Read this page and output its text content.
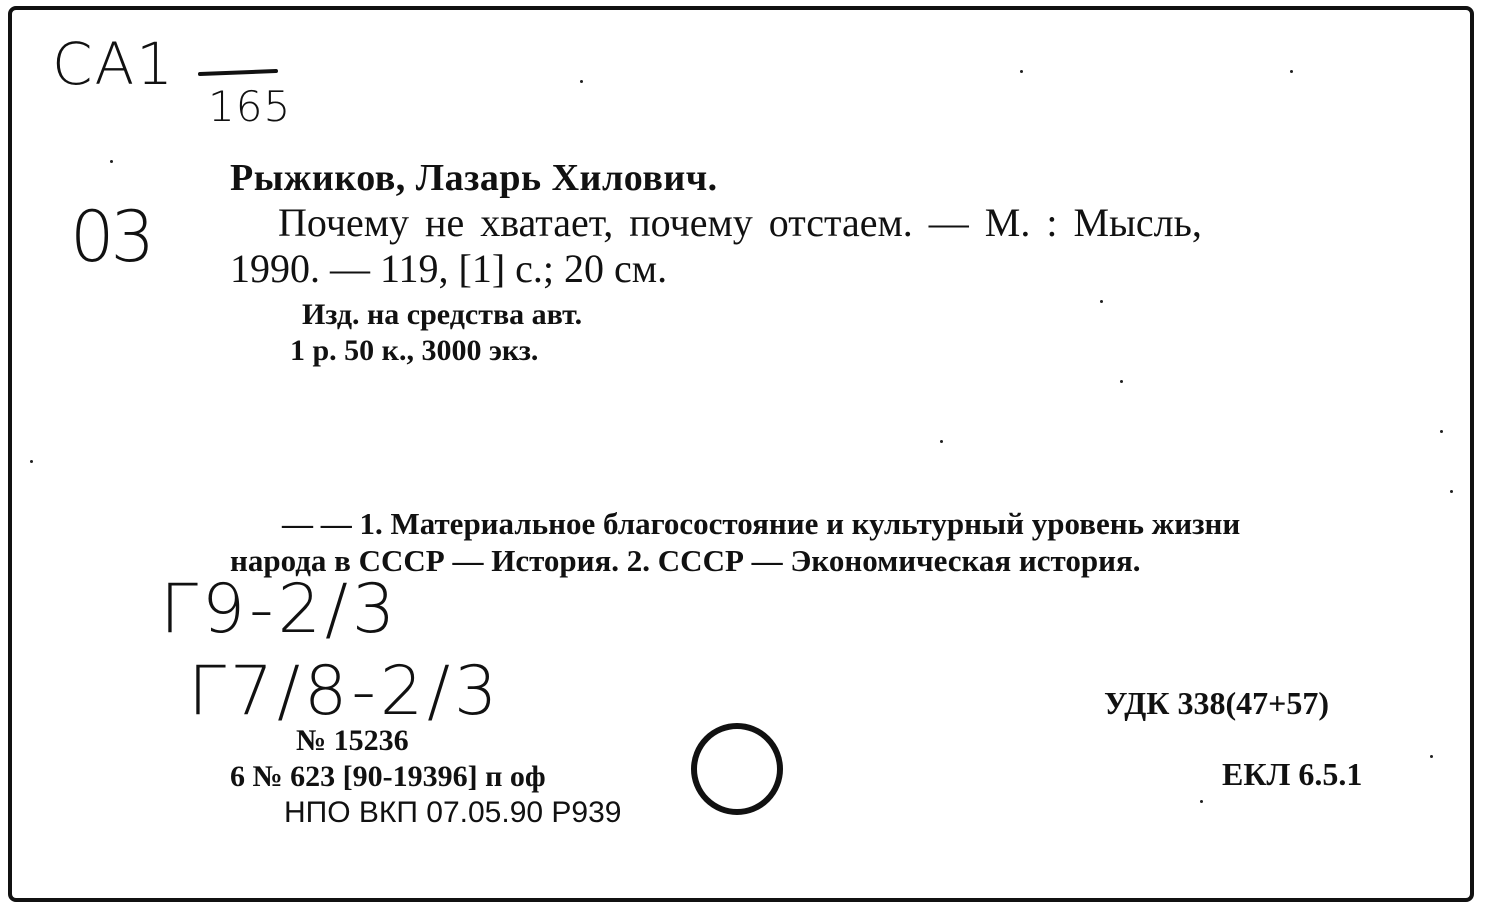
CA1
165
03
Рыжиков, Лазарь Хилович.
Почему не хватает, почему отстаем. — М. : Мысль,
1990. — 119, [1] с.; 20 см.
Изд. на средства авт.
1 р. 50 к., 3000 экз.
— — 1. Материальное благосостояние и культурный уровень жизни
народа в СССР — История. 2. СССР — Экономическая история.
Г9-2/3
Г7/8-2/3	УДК 338(47+57)
ЕКЛ 6.5.1
№ 15236
6 № 623 [90-19396] п оф
НПО ВКП 07.05.90 Р939
